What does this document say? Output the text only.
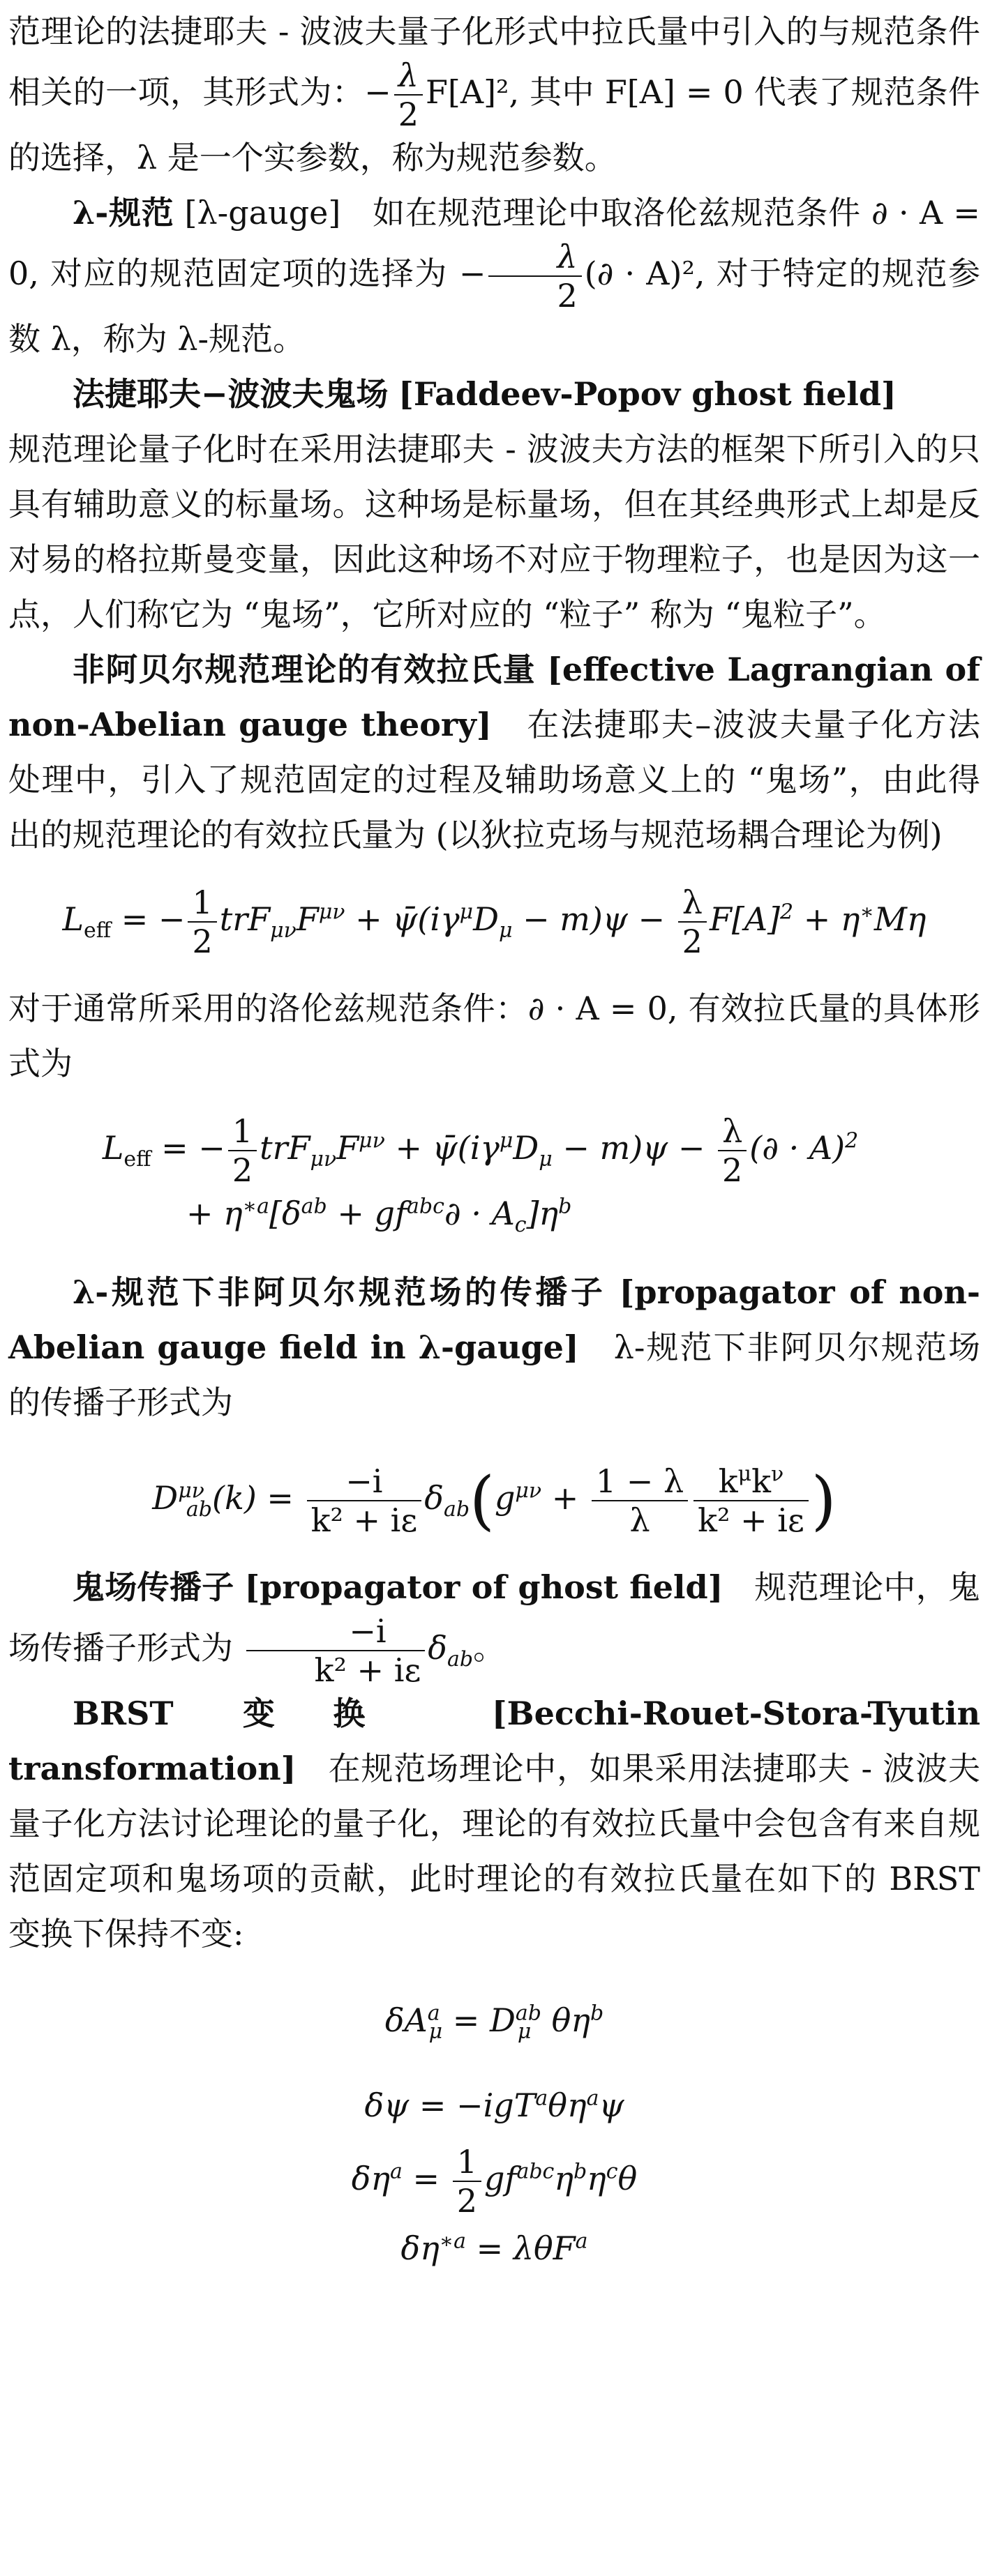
范理论的法捷耶夫 - 波波夫量子化形式中拉氏量中引入的与规范条件相关的一项，其形式为：− $\frac{\lambda}{2} F[A]^2$, 其中 F[A] = 0 代表了规范条件的选择，λ 是一个实参数，称为规范参数。

λ-规范 [λ-gauge] 如在规范理论中取洛伦兹规范条件 ∂ · A = 0, 对应的规范固定项的选择为 − $\frac{\lambda}{2}$ (∂ · A)², 对于特定的规范参数 λ，称为 λ-规范。

法捷耶夫−波波夫鬼场 [Faddeev-Popov ghost field]

规范理论量子化时在采用法捷耶夫 - 波波夫方法的框架下所引入的只具有辅助意义的标量场。这种场是标量场，但在其经典形式上却是反对易的格拉斯曼变量，因此这种场不对应于物理粒子，也是因为这一点，人们称它为 “鬼场”，它所对应的 “粒子” 称为 “鬼粒子”。

非阿贝尔规范理论的有效拉氏量 [effective Lagrangian of non-Abelian gauge theory] 在法捷耶夫–波波夫量子化方法处理中，引入了规范固定的过程及辅助场意义上的 “鬼场”，由此得出的规范理论的有效拉氏量为 (以狄拉克场与规范场耦合理论为例)

$L_{eff}$ = − $\frac{1}{2} trF_{\mu\nu}F^{\mu\nu}$ + $\psī(i\gamma^\mu D_\mu - m)\psi - \frac{\lambda}{2} F[A]^2 + \eta^∗M\eta$

对于通常所采用的洛伦兹规范条件：∂ · A = 0, 有效拉氏量的具体形式为

$L_{eff}$ = − $\frac{1}{2} trF_{\mu\nu}F^{\mu\nu}$ + $\psī(i\gamma^\mu D_\mu - m)\psi - \frac{\lambda}{2}$ (∂ · A)$^2$

+ $\eta^{∗a}[\delta^{ab} + gf^{abc}\partial \cdot A_c]\eta^b$

λ-规范下非阿贝尔规范场的传播子 [propagator of non-Abelian gauge field in λ-gauge] λ-规范下非阿贝尔规范场的传播子形式为

$D^{\mu\nu}_{ab}(k) = \frac{-i}{\text{k² + iε}} \delta_{ab}(g^{\mu\nu} + \frac{1 - \lambda}{\lambda} \frac{k^\mu k^\nu}{\text{k² + iε}}$ )

鬼场传播子 [propagator of ghost field] 规范理论中，鬼场传播子形式为 $\frac{-i}{\text{k² + iε}} \delta_{ab}$。

BRST 变换 [Becchi-Rouet-Stora-Tyutin transformation] 在规范场理论中，如果采用法捷耶夫 - 波波夫量子化方法讨论理论的量子化，理论的有效拉氏量中会包含有来自规范固定项和鬼场项的贡献，此时理论的有效拉氏量在如下的 BRST 变换下保持不变:

$\delta A^a_\mu = D^{ab}_\mu$ $\theta\eta^b$

$\delta\psi = -igT^a\theta\eta^a\psi$

$\delta\eta^a = \frac{1}{2} gf^{abc}\eta^b\eta^c\theta$

$\delta\eta^{∗a} = \lambda\theta F^a$
